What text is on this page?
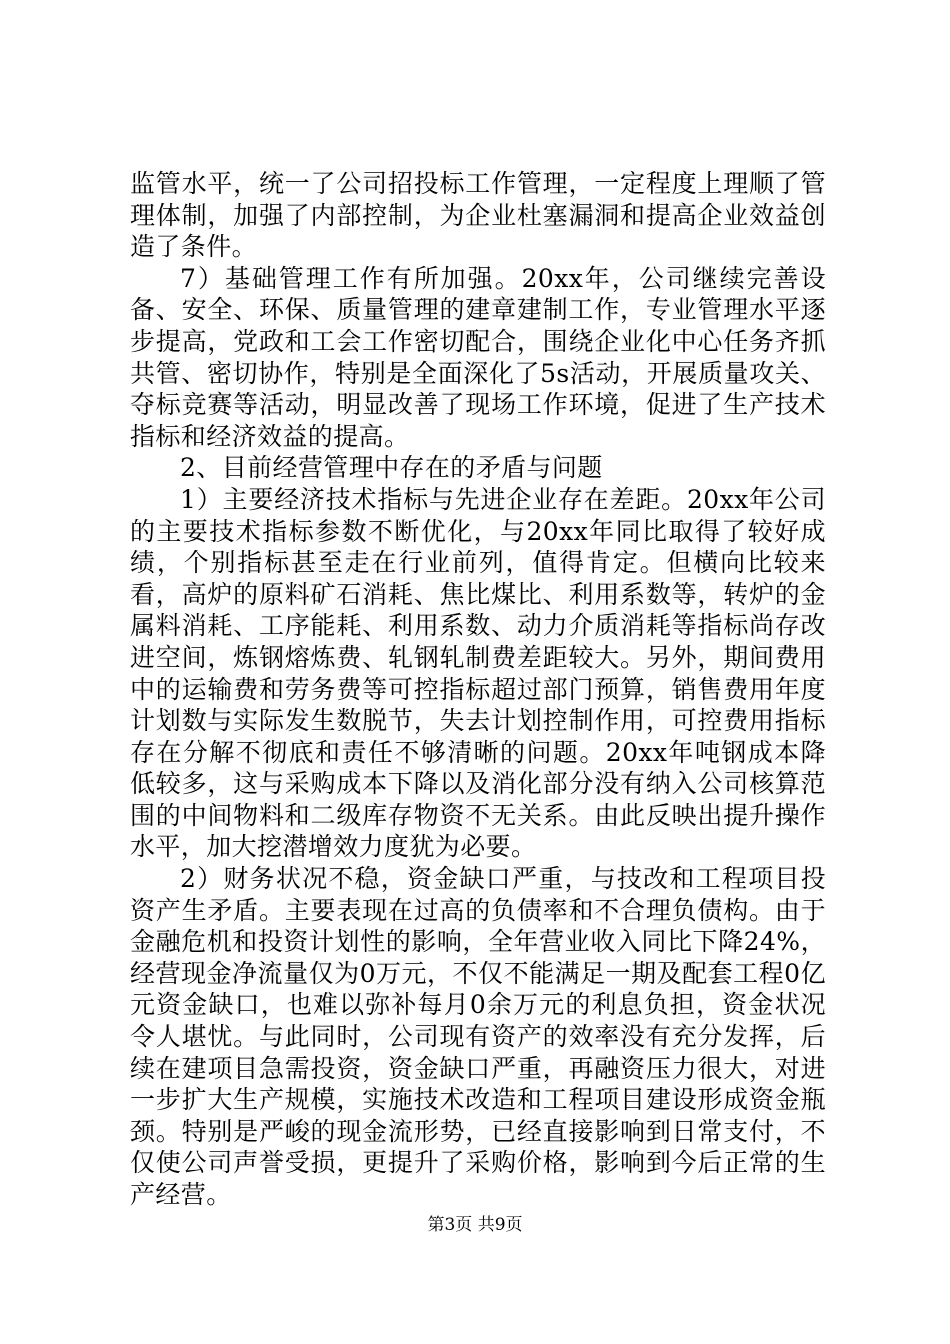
监管水平，统一了公司招投标工作管理，一定程度上理顺了管理体制，加强了内部控制，为企业杜塞漏洞和提高企业效益创造了条件。

7）基础管理工作有所加强。20xx年，公司继续完善设备、安全、环保、质量管理的建章建制工作，专业管理水平逐步提高，党政和工会工作密切配合，围绕企业化中心任务齐抓共管、密切协作，特别是全面深化了5s活动，开展质量攻关、夺标竞赛等活动，明显改善了现场工作环境，促进了生产技术指标和经济效益的提高。

2、目前经营管理中存在的矛盾与问题

1）主要经济技术指标与先进企业存在差距。20xx年公司的主要技术指标参数不断优化，与20xx年同比取得了较好成绩，个别指标甚至走在行业前列，值得肯定。但横向比较来看，高炉的原料矿石消耗、焦比煤比、利用系数等，转炉的金属料消耗、工序能耗、利用系数、动力介质消耗等指标尚存改进空间，炼钢熔炼费、轧钢轧制费差距较大。另外，期间费用中的运输费和劳务费等可控指标超过部门预算，销售费用年度计划数与实际发生数脱节，失去计划控制作用，可控费用指标存在分解不彻底和责任不够清晰的问题。20xx年吨钢成本降低较多，这与采购成本下降以及消化部分没有纳入公司核算范围的中间物料和二级库存物资不无关系。由此反映出提升操作水平，加大挖潜增效力度犹为必要。

2）财务状况不稳，资金缺口严重，与技改和工程项目投资产生矛盾。主要表现在过高的负债率和不合理负债构。由于金融危机和投资计划性的影响，全年营业收入同比下降24%，经营现金净流量仅为0万元，不仅不能满足一期及配套工程0亿元资金缺口，也难以弥补每月0余万元的利息负担，资金状况令人堪忧。与此同时，公司现有资产的效率没有充分发挥，后续在建项目急需投资，资金缺口严重，再融资压力很大，对进一步扩大生产规模，实施技术改造和工程项目建设形成资金瓶颈。特别是严峻的现金流形势，已经直接影响到日常支付，不仅使公司声誉受损，更提升了采购价格，影响到今后正常的生产经营。

第3页 共9页
